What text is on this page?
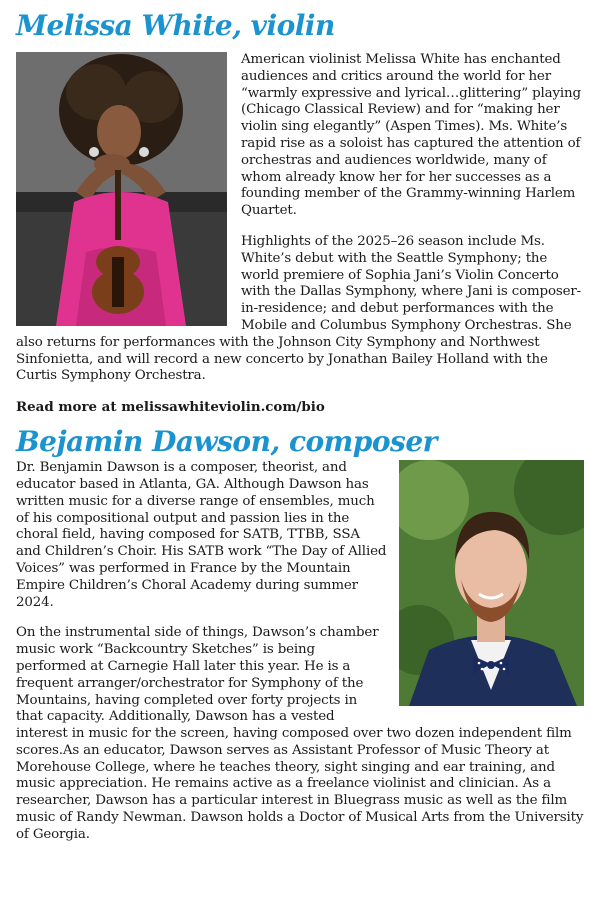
Melissa White, violin

American violinist Melissa White has enchanted audiences and critics around the world for her “warmly expressive and lyrical…glittering” playing (Chicago Classical Review) and for “making her violin sing elegantly” (Aspen Times). Ms. White’s rapid rise as a soloist has captured the attention of orchestras and audiences worldwide, many of whom already know her for her successes as a founding member of the Grammy-winning Harlem Quartet.

Highlights of the 2025–26 season include Ms. White’s debut with the Seattle Symphony; the world premiere of Sophia Jani’s Violin Concerto with the Dallas Symphony, where Jani is composer-in-residence; and debut performances with the Mobile and Columbus Symphony Orchestras. She also returns for performances with the Johnson City Symphony and Northwest Sinfonietta, and will record a new concerto by Jonathan Bailey Holland with the Curtis Symphony Orchestra.

Read more at melissawhiteviolin.com/bio

Bejamin Dawson, composer

Dr. Benjamin Dawson is a composer, theorist, and educator based in Atlanta, GA. Although Dawson has written music for a diverse range of ensembles, much of his compositional output and passion lies in the choral field, having composed for SATB, TTBB, SSA and Children’s Choir. His SATB work “The Day of Allied Voices” was performed in France by the Mountain Empire Children’s Choral Academy during summer 2024.

On the instrumental side of things, Dawson’s chamber music work “Backcountry Sketches” is being performed at Carnegie Hall later this year. He is a frequent arranger/orchestrator for Symphony of the Mountains, having completed over forty projects in that capacity. Additionally, Dawson has a vested interest in music for the screen, having composed over two dozen independent film scores.As an educator, Dawson serves as Assistant Professor of Music Theory at Morehouse College, where he teaches theory, sight singing and ear training, and music appreciation. He remains active as a freelance violinist and clinician. As a researcher, Dawson has a particular interest in Bluegrass music as well as the film music of Randy Newman. Dawson holds a Doctor of Musical Arts from the University of Georgia.
